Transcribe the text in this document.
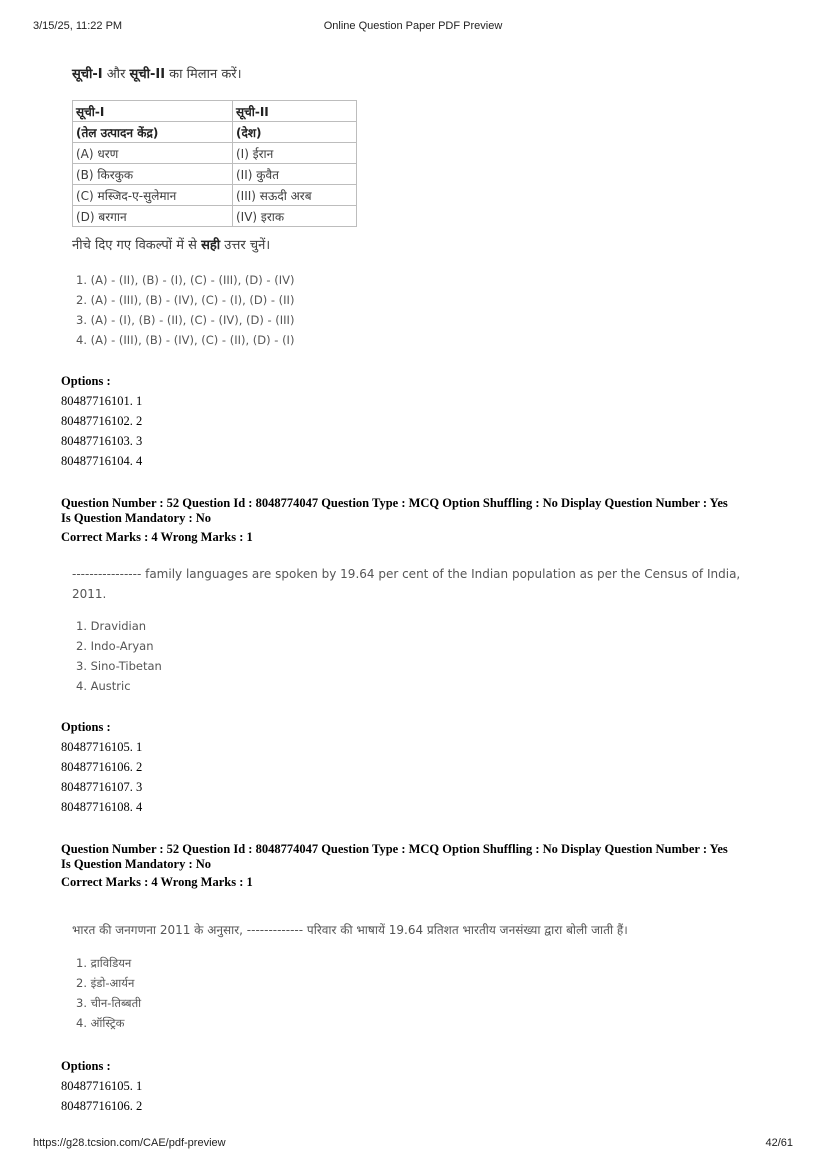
3/15/25, 11:22 PM	Online Question Paper PDF Preview
सूची-I और सूची-II का मिलान करें।
सूची-I	सूची-II
(तेल उत्पादन केंद्र)	(देश)
(A) धरण	(I) ईरान
(B) किरकुक	(II) कुवैत
(C) मस्जिद-ए-सुलेमान	(III) सऊदी अरब
(D) बरगान	(IV) इराक
नीचे दिए गए विकल्पों में से सही उत्तर चुनें।
1. (A) - (II), (B) - (I), (C) - (III), (D) - (IV)
2. (A) - (III), (B) - (IV), (C) - (I), (D) - (II)
3. (A) - (I), (B) - (II), (C) - (IV), (D) - (III)
4. (A) - (III), (B) - (IV), (C) - (II), (D) - (I)
Options :
80487716101. 1
80487716102. 2
80487716103. 3
80487716104. 4
Question Number : 52 Question Id : 8048774047 Question Type : MCQ Option Shuffling : No Display Question Number : Yes
Is Question Mandatory : No
Correct Marks : 4 Wrong Marks : 1
---------------- family languages are spoken by 19.64 per cent of the Indian population as per the Census of India,
2011.
1. Dravidian
2. Indo-Aryan
3. Sino-Tibetan
4. Austric
Options :
80487716105. 1
80487716106. 2
80487716107. 3
80487716108. 4
Question Number : 52 Question Id : 8048774047 Question Type : MCQ Option Shuffling : No Display Question Number : Yes
Is Question Mandatory : No
Correct Marks : 4 Wrong Marks : 1
भारत की जनगणना 2011 के अनुसार, ------------- परिवार की भाषायें 19.64 प्रतिशत भारतीय जनसंख्या द्वारा बोली जाती हैं।
1. द्राविडियन
2. इंडो-आर्यन
3. चीन-तिब्बती
4. ऑस्ट्रिक
Options :
80487716105. 1
80487716106. 2
https://g28.tcsion.com/CAE/pdf-preview	42/61
